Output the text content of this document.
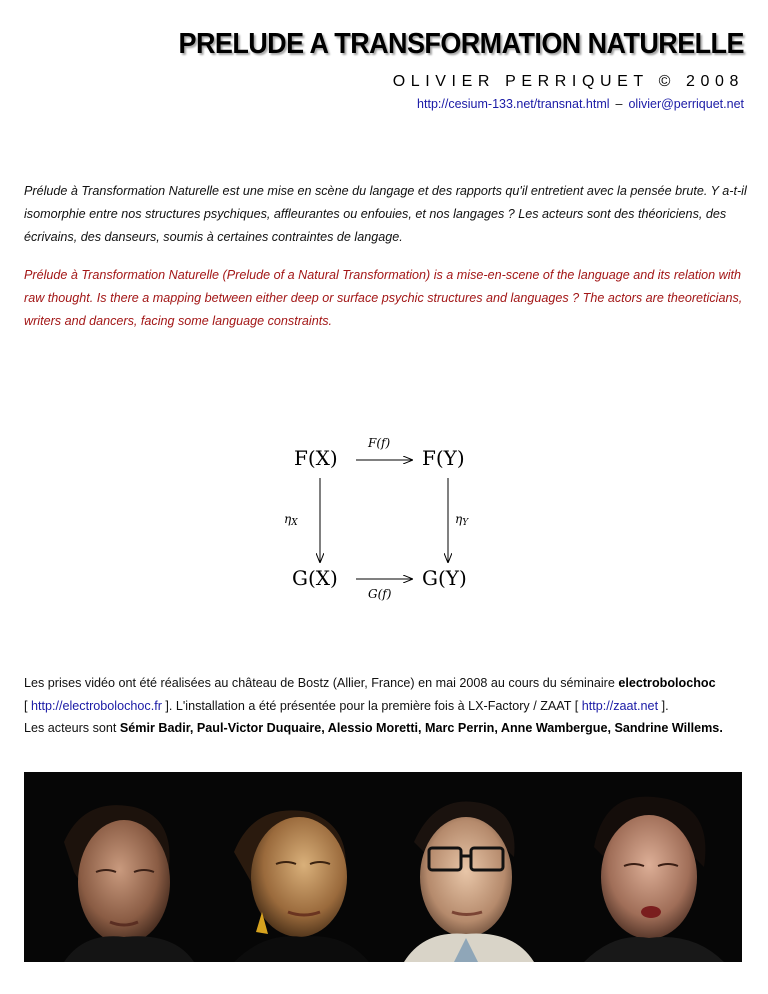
PRELUDE A TRANSFORMATION NATURELLE
OLIVIER PERRIQUET © 2008
http://cesium-133.net/transnat.html – olivier@perriquet.net

Prélude à Transformation Naturelle est une mise en scène du langage et des rapports qu'il entretient avec la pensée brute. Y a-t-il isomorphie entre nos structures psychiques, affleurantes ou enfouies, et nos langages ? Les acteurs sont des théoriciens, des écrivains, des danseurs, soumis à certaines contraintes de langage.

Prélude à Transformation Naturelle (Prelude of a Natural Transformation) is a mise-en-scene of the language and its relation with raw thought. Is there a mapping between either deep or surface psychic structures and languages ? The actors are theoreticians, writers and dancers, facing some language constraints.

F(X)	F(Y)
G(X)	G(Y)
F(f)
G(f)
ηX	ηY
Les prises vidéo ont été réalisées au château de Bostz (Allier, France) en mai 2008 au cours du séminaire electrobolochoc
[ http://electrobolochoc.fr ]. L'installation a été présentée pour la première fois à LX-Factory / ZAAT [ http://zaat.net ].
Les acteurs sont Sémir Badir, Paul-Victor Duquaire, Alessio Moretti, Marc Perrin, Anne Wambergue, Sandrine Willems.
